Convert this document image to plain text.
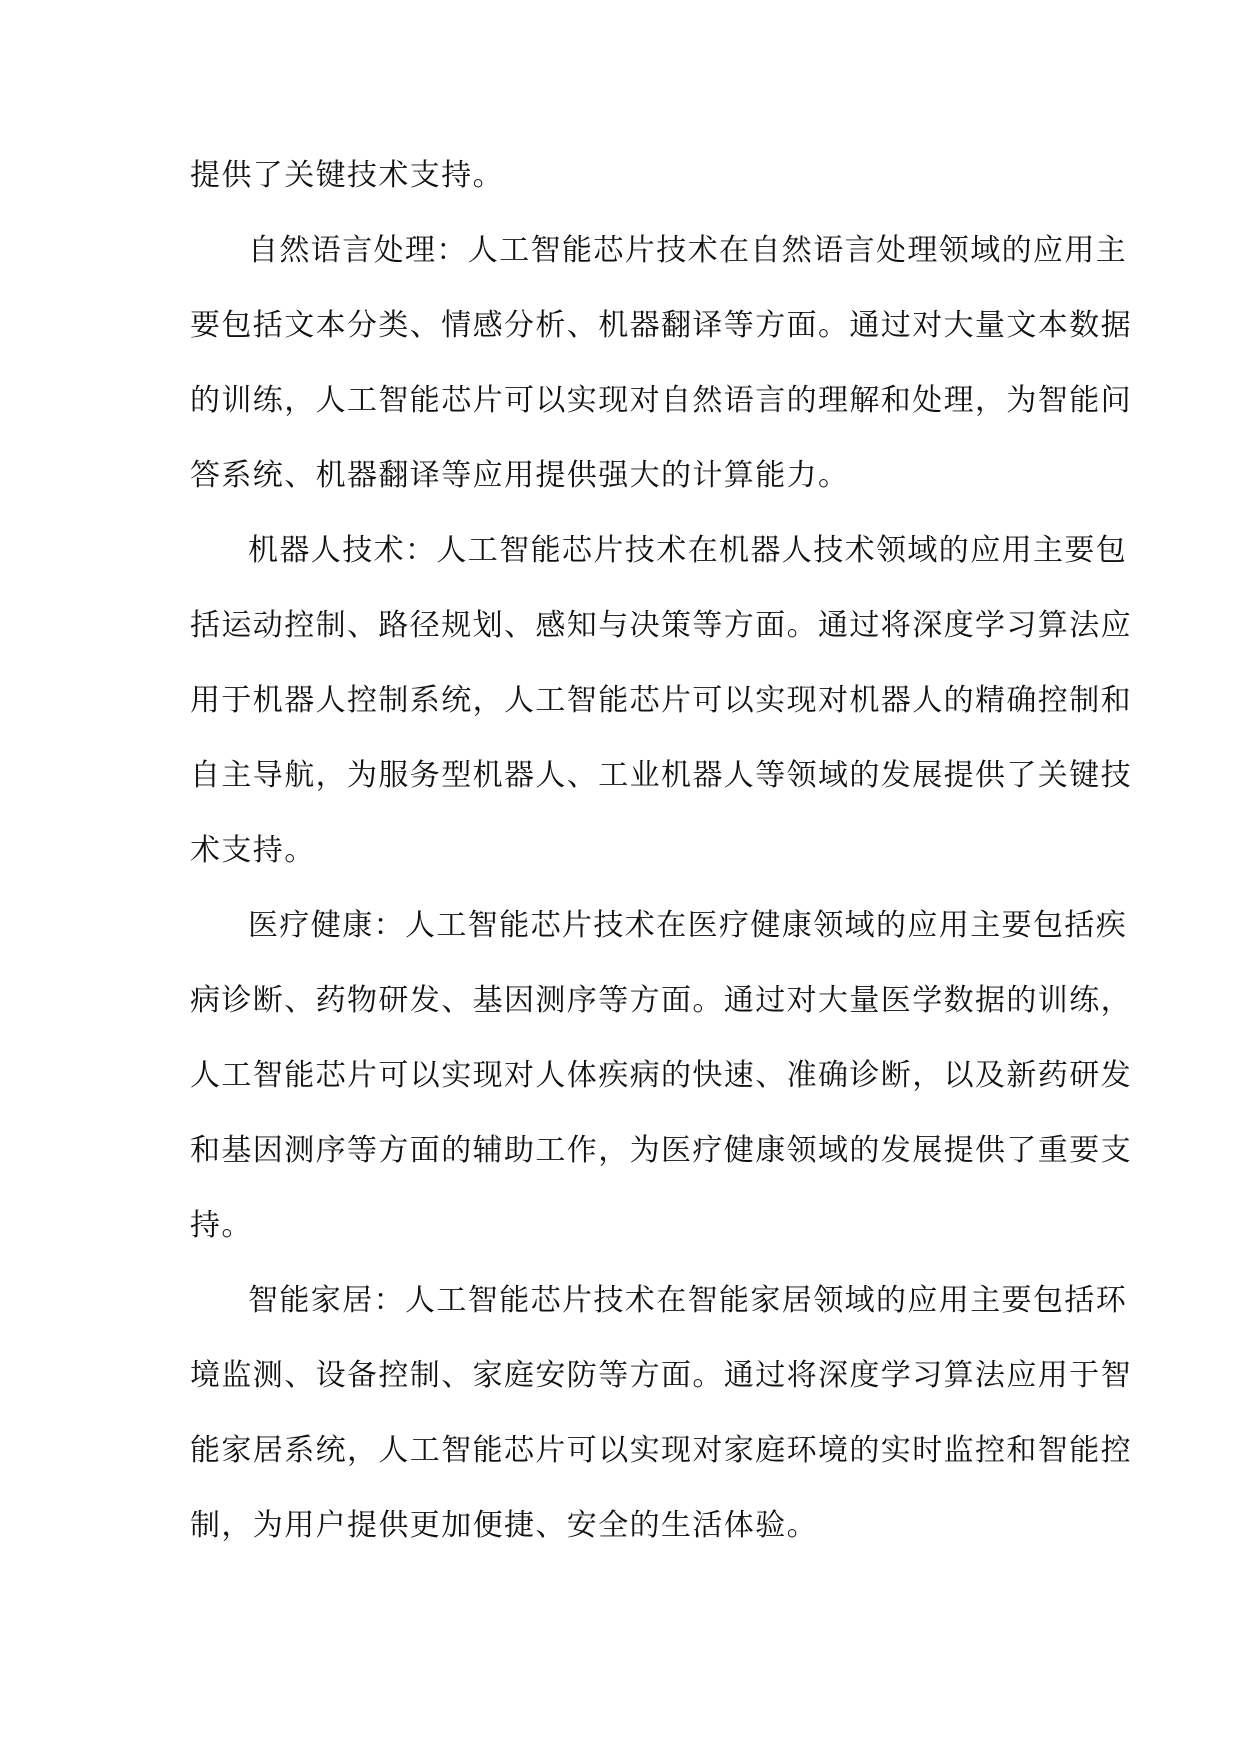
提供了关键技术支持。
自然语言处理：人工智能芯片技术在自然语言处理领域的应用主
要包括文本分类、情感分析、机器翻译等方面。通过对大量文本数据
的训练，人工智能芯片可以实现对自然语言的理解和处理，为智能问
答系统、机器翻译等应用提供强大的计算能力。
机器人技术：人工智能芯片技术在机器人技术领域的应用主要包
括运动控制、路径规划、感知与决策等方面。通过将深度学习算法应
用于机器人控制系统，人工智能芯片可以实现对机器人的精确控制和
自主导航，为服务型机器人、工业机器人等领域的发展提供了关键技
术支持。
医疗健康：人工智能芯片技术在医疗健康领域的应用主要包括疾
病诊断、药物研发、基因测序等方面。通过对大量医学数据的训练，
人工智能芯片可以实现对人体疾病的快速、准确诊断，以及新药研发
和基因测序等方面的辅助工作，为医疗健康领域的发展提供了重要支
持。
智能家居：人工智能芯片技术在智能家居领域的应用主要包括环
境监测、设备控制、家庭安防等方面。通过将深度学习算法应用于智
能家居系统，人工智能芯片可以实现对家庭环境的实时监控和智能控
制，为用户提供更加便捷、安全的生活体验。
